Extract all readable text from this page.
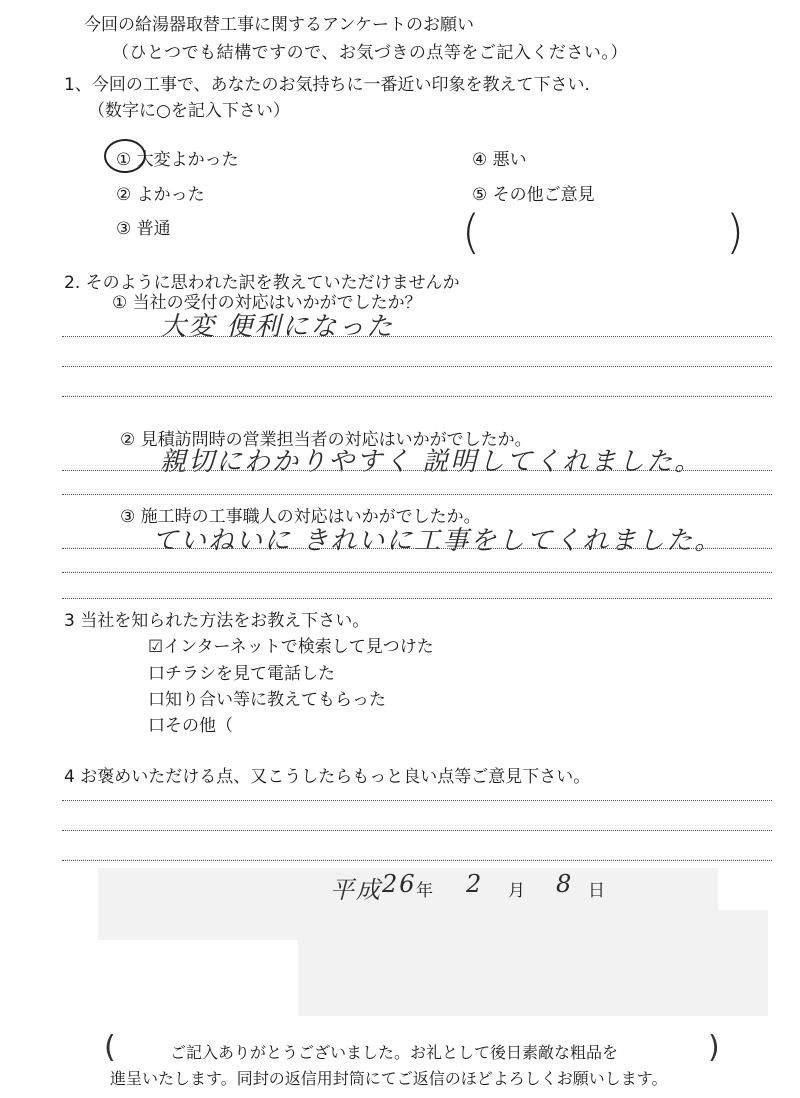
今回の給湯器取替工事に関するアンケートのお願い
（ひとつでも結構ですので、お気づきの点等をご記入ください。）
1、今回の工事で、あなたのお気持ちに一番近い印象を教えて下さい.
（数字に○を記入下さい）
① 大変よかった
② よかった
③ 普通
④ 悪い
⑤ その他ご意見
(	)
2. そのように思われた訳を教えていただけませんか
① 当社の受付の対応はいかがでしたか？
大変 便利になった
② 見積訪問時の営業担当者の対応はいかがでしたか。
親切にわかりやすく 説明してくれました。
③ 施工時の工事職人の対応はいかがでしたか。
ていねいに きれいに工事をしてくれました。
3 当社を知られた方法をお教え下さい。
☑インターネットで検索して見つけた
口チラシを見て電話した
口知り合い等に教えてもらった
口その他（
4 お褒めいただける点、又こうしたらもっと良い点等ご意見下さい。
平成 26 年 2 月 8 日
(	ご記入ありがとうございました。お礼として後日素敵な粗品を
進呈いたします。同封の返信用封筒にてご返信のほどよろしくお願いします。
)
